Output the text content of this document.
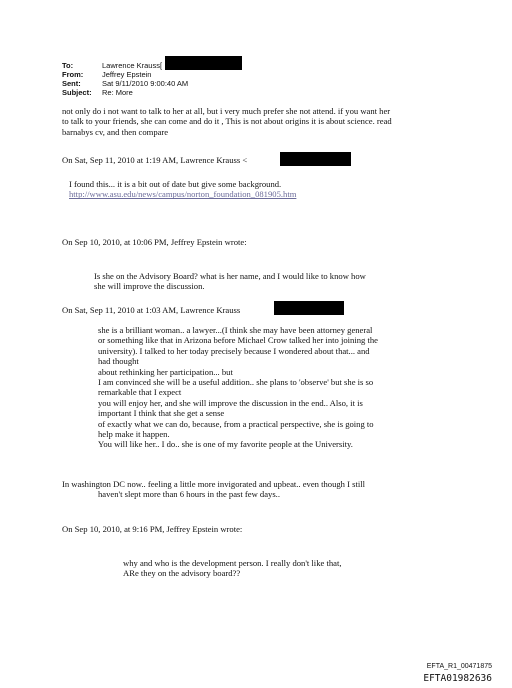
To:	Lawrence Krauss[
From:	Jeffrey Epstein
Sent:	Sat 9/11/2010 9:00:40 AM
Subject: Re: More
not only do i not want to talk to her at all, but i very much prefer she not attend. if you want her
to talk to your friends, she can come and do it , This is not about origins it is about science. read
barnabys cv, and then compare
On Sat, Sep 11, 2010 at 1:19 AM, Lawrence Krauss <
I found this... it is a bit out of date but give some background.
http://www.asu.edu/news/campus/norton_foundation_081905.htm
On Sep 10, 2010, at 10:06 PM, Jeffrey Epstein wrote:
Is she on the Advisory Board? what is her name, and I would like to know how
she will improve the discussion.
On Sat, Sep 11, 2010 at 1:03 AM, Lawrence Krauss
she is a brilliant woman.. a lawyer...(I think she may have been attorney general
or something like that in Arizona before Michael Crow talked her into joining the
university). I talked to her today precisely because I wondered about that... and
had thought
about rethinking her participation... but
I am convinced she will be a useful addition.. she plans to 'observe' but she is so
remarkable that I expect
you will enjoy her, and she will improve the discussion in the end.. Also, it is
important I think that she get a sense
of exactly what we can do, because, from a practical perspective, she is going to
help make it happen.
You will like her.. I do.. she is one of my favorite people at the University.
In washington DC now.. feeling a little more invigorated and upbeat.. even though I still
haven't slept more than 6 hours in the past few days..
On Sep 10, 2010, at 9:16 PM, Jeffrey Epstein wrote:
why and who is the development person. I really don't like that,
ARe they on the advisory board??
EFTA_R1_00471875
EFTA01982636
